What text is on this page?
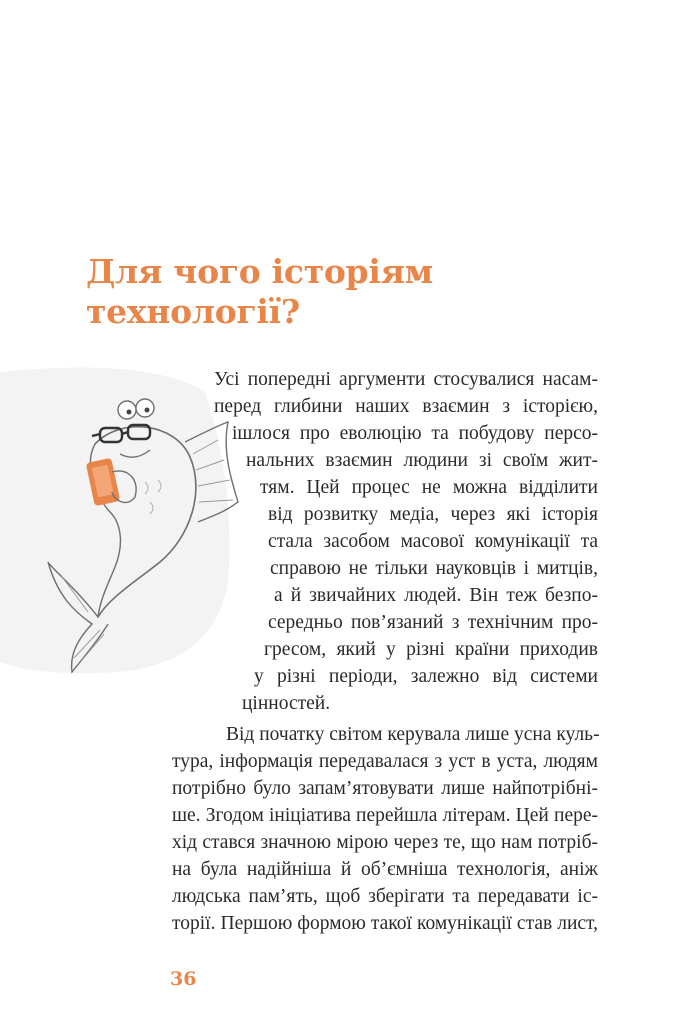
Для чого історіям
технології?
Усі попередні аргументи стосувалися насам-
перед глибини наших взаємин з історією,
ішлося про еволюцію та побудову персо-
нальних взаємин людини зі своїм жит-
тям. Цей процес не можна відділити
від розвитку медіа, через які історія
стала засобом масової комунікації та
справою не тільки науковців і митців,
а й звичайних людей. Він теж безпо-
середньо пов’язаний з технічним про-
гресом, який у різні країни приходив
у різні періоди, залежно від системи
цінностей.
Від початку світом керувала лише усна куль-
тура, інформація передавалася з уст в уста, людям
потрібно було запам’ятовувати лише найпотрібні-
ше. Згодом ініціатива перейшла літерам. Цей пере-
хід стався значною мірою через те, що нам потріб-
на була надійніша й об’ємніша технологія, аніж
людська пам’ять, щоб зберігати та передавати іс-
торії. Першою формою такої комунікації став лист,
36
